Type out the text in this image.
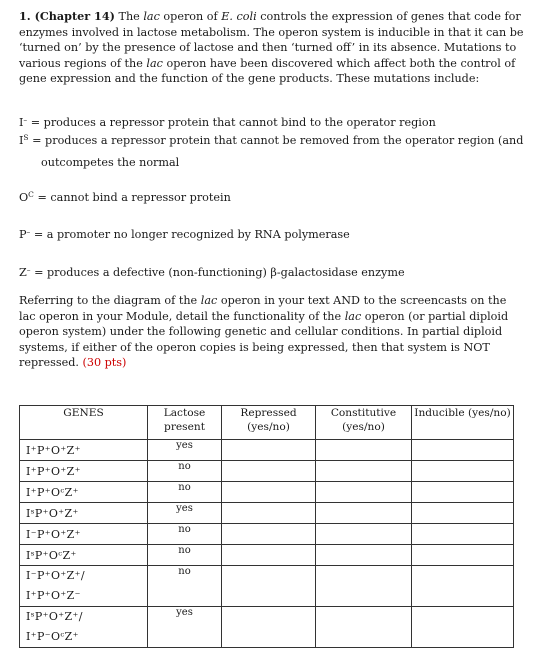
1. (Chapter 14) The lac operon of E. coli controls the expression of genes that code for enzymes involved in lactose metabolism. The operon system is inducible in that it can be ‘turned on’ by the presence of lactose and then ‘turned off’ in its absence. Mutations to various regions of the lac operon have been discovered which affect both the control of gene expression and the function of the gene products. These mutations include:
I– = produces a repressor protein that cannot bind to the operator region
$I^S$ = produces a repressor protein that cannot be removed from the operator region (and
outcompetes the normal
$O^C$ = cannot bind a repressor protein
P– = a promoter no longer recognized by RNA polymerase
Z– = produces a defective (non-functioning) β-galactosidase enzyme
Referring to the diagram of the lac operon in your text AND to the screencasts on the lac operon in your Module, detail the functionality of the lac operon (or partial diploid operon system) under the following genetic and cellular conditions. In partial diploid systems, if either of the operon copies is being expressed, then that system is NOT repressed. (30 pts)
GENES	Lactose present	Repressed (yes/no)	Constitutive (yes/no)	Inducible (yes/no)
I⁺P⁺O⁺Z⁺	yes			
I⁺P⁺O⁺Z⁺	no			
I⁺P⁺OᶜZ⁺	no			
IˢP⁺O⁺Z⁺	yes			
I⁻P⁺O⁺Z⁺	no			
IˢP⁺OᶜZ⁺	no			

I⁻P⁺O⁺Z⁺/
I⁺P⁺O⁺Z⁻	no			

IˢP⁺O⁺Z⁺/
I⁺P⁻OᶜZ⁺	yes			
